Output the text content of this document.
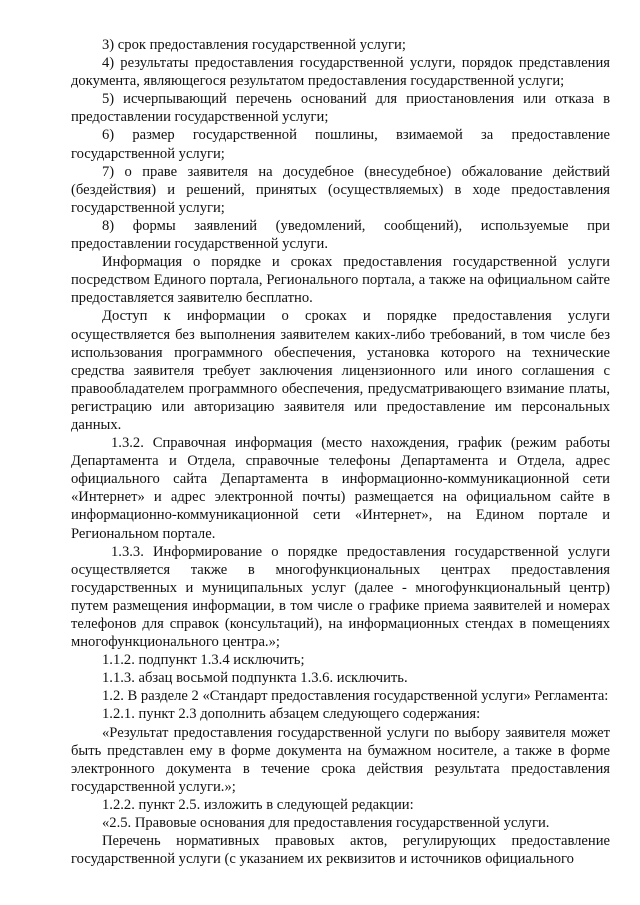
3) срок предоставления государственной услуги;

4) результаты предоставления государственной услуги, порядок представления документа, являющегося результатом предоставления государственной услуги;

5) исчерпывающий перечень оснований для приостановления или отказа в предоставлении государственной услуги;

6) размер государственной пошлины, взимаемой за предоставление государственной услуги;

7) о праве заявителя на досудебное (внесудебное) обжалование действий (бездействия) и решений, принятых (осуществляемых) в ходе предоставления государственной услуги;

8) формы заявлений (уведомлений, сообщений), используемые при предоставлении государственной услуги.

Информация о порядке и сроках предоставления государственной услуги посредством Единого портала, Регионального портала, а также на официальном сайте предоставляется заявителю бесплатно.

Доступ к информации о сроках и порядке предоставления услуги осуществляется без выполнения заявителем каких-либо требований, в том числе без использования программного обеспечения, установка которого на технические средства заявителя требует заключения лицензионного или иного соглашения с правообладателем программного обеспечения, предусматривающего взимание платы, регистрацию или авторизацию заявителя или предоставление им персональных данных.

1.3.2. Справочная информация (место нахождения, график (режим работы Департамента и Отдела, справочные телефоны Департамента и Отдела, адрес официального сайта Департамента в информационно-коммуникационной сети «Интернет» и адрес электронной почты) размещается на официальном сайте в информационно-коммуникационной сети «Интернет», на Едином портале и Региональном портале.

1.3.3. Информирование о порядке предоставления государственной услуги осуществляется также в многофункциональных центрах предоставления государственных и муниципальных услуг (далее - многофункциональный центр) путем размещения информации, в том числе о графике приема заявителей и номерах телефонов для справок (консультаций), на информационных стендах в помещениях многофункционального центра.»;

1.1.2. подпункт 1.3.4 исключить;

1.1.3. абзац восьмой подпункта 1.3.6. исключить.

1.2. В разделе 2 «Стандарт предоставления государственной услуги» Регламента:

1.2.1. пункт 2.3 дополнить абзацем следующего содержания:

«Результат предоставления государственной услуги по выбору заявителя может быть представлен ему в форме документа на бумажном носителе, а также в форме электронного документа в течение срока действия результата предоставления государственной услуги.»;

1.2.2. пункт 2.5. изложить в следующей редакции:

«2.5. Правовые основания для предоставления государственной услуги.

Перечень нормативных правовых актов, регулирующих предоставление государственной услуги (с указанием их реквизитов и источников официального
